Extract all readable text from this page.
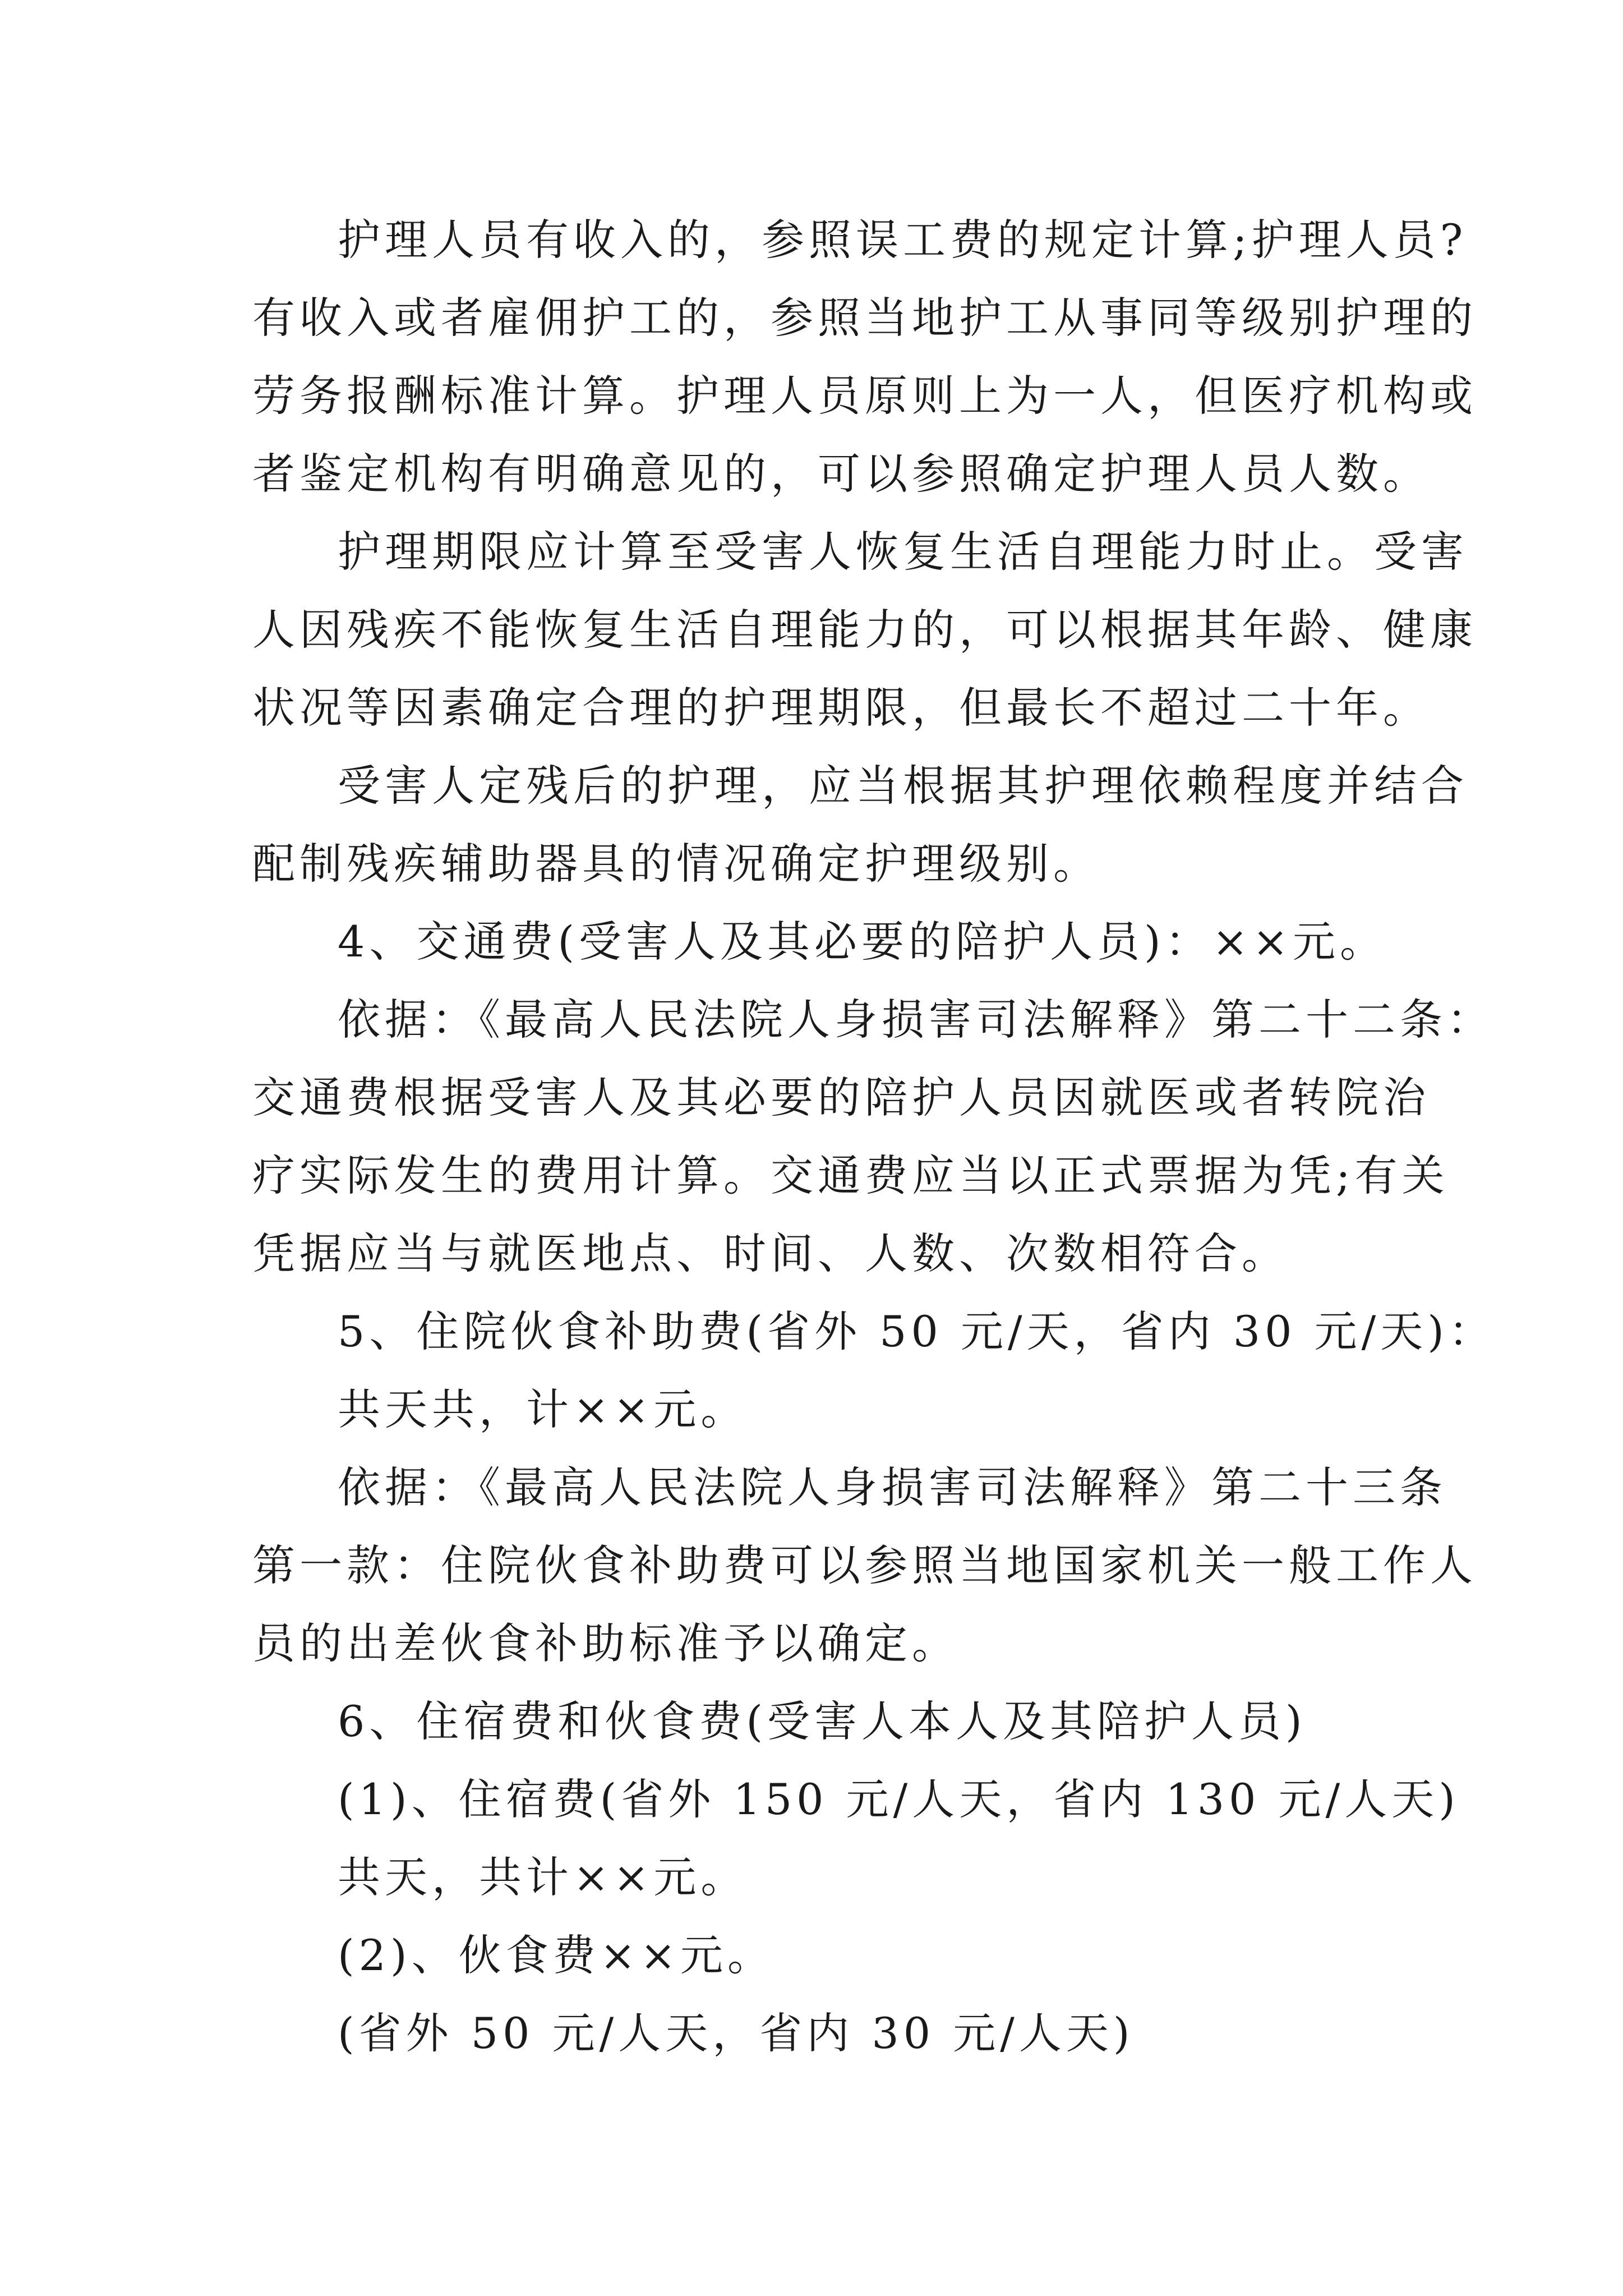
护理人员有收入的，参照误工费的规定计算;护理人员?
有收入或者雇佣护工的，参照当地护工从事同等级别护理的
劳务报酬标准计算。护理人员原则上为一人，但医疗机构或
者鉴定机构有明确意见的，可以参照确定护理人员人数。
护理期限应计算至受害人恢复生活自理能力时止。受害
人因残疾不能恢复生活自理能力的，可以根据其年龄、健康
状况等因素确定合理的护理期限，但最长不超过二十年。
受害人定残后的护理，应当根据其护理依赖程度并结合
配制残疾辅助器具的情况确定护理级别。
4、交通费(受害人及其必要的陪护人员)：××元。
依据：《最高人民法院人身损害司法解释》第二十二条：
交通费根据受害人及其必要的陪护人员因就医或者转院治
疗实际发生的费用计算。交通费应当以正式票据为凭;有关
凭据应当与就医地点、时间、人数、次数相符合。
5、住院伙食补助费(省外 50 元/天，省内 30 元/天)：
共天共，计××元。
依据：《最高人民法院人身损害司法解释》第二十三条
第一款：住院伙食补助费可以参照当地国家机关一般工作人
员的出差伙食补助标准予以确定。
6、住宿费和伙食费(受害人本人及其陪护人员)
(1)、住宿费(省外 150 元/人天，省内 130 元/人天)
共天，共计××元。
(2)、伙食费××元。
(省外 50 元/人天，省内 30 元/人天)
